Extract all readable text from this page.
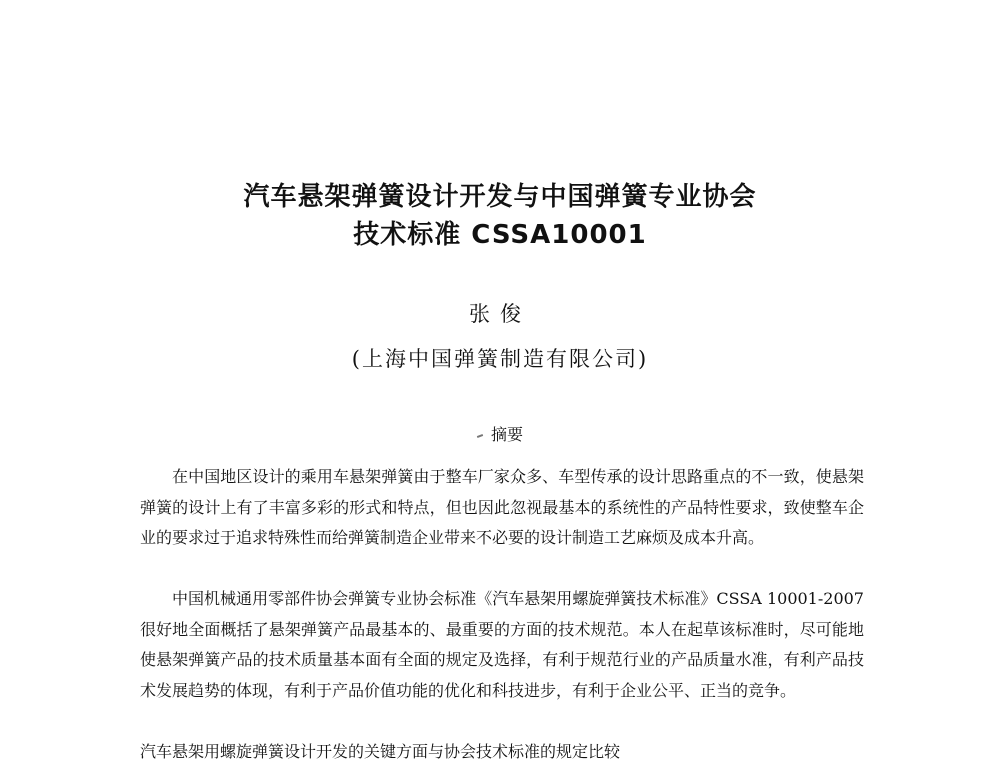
汽车悬架弹簧设计开发与中国弹簧专业协会
技术标准 CSSA10001
张俊
(上海中国弹簧制造有限公司)
摘要

在中国地区设计的乘用车悬架弹簧由于整车厂家众多、车型传承的设计思路重点的不一致，使悬架弹簧的设计上有了丰富多彩的形式和特点，但也因此忽视最基本的系统性的产品特性要求，致使整车企业的要求过于追求特殊性而给弹簧制造企业带来不必要的设计制造工艺麻烦及成本升高。

中国机械通用零部件协会弹簧专业协会标准《汽车悬架用螺旋弹簧技术标准》CSSA 10001-2007 很好地全面概括了悬架弹簧产品最基本的、最重要的方面的技术规范。本人在起草该标准时，尽可能地使悬架弹簧产品的技术质量基本面有全面的规定及选择，有利于规范行业的产品质量水准，有利产品技术发展趋势的体现，有利于产品价值功能的优化和科技进步，有利于企业公平、正当的竞争。

汽车悬架用螺旋弹簧设计开发的关键方面与协会技术标准的规定比较
